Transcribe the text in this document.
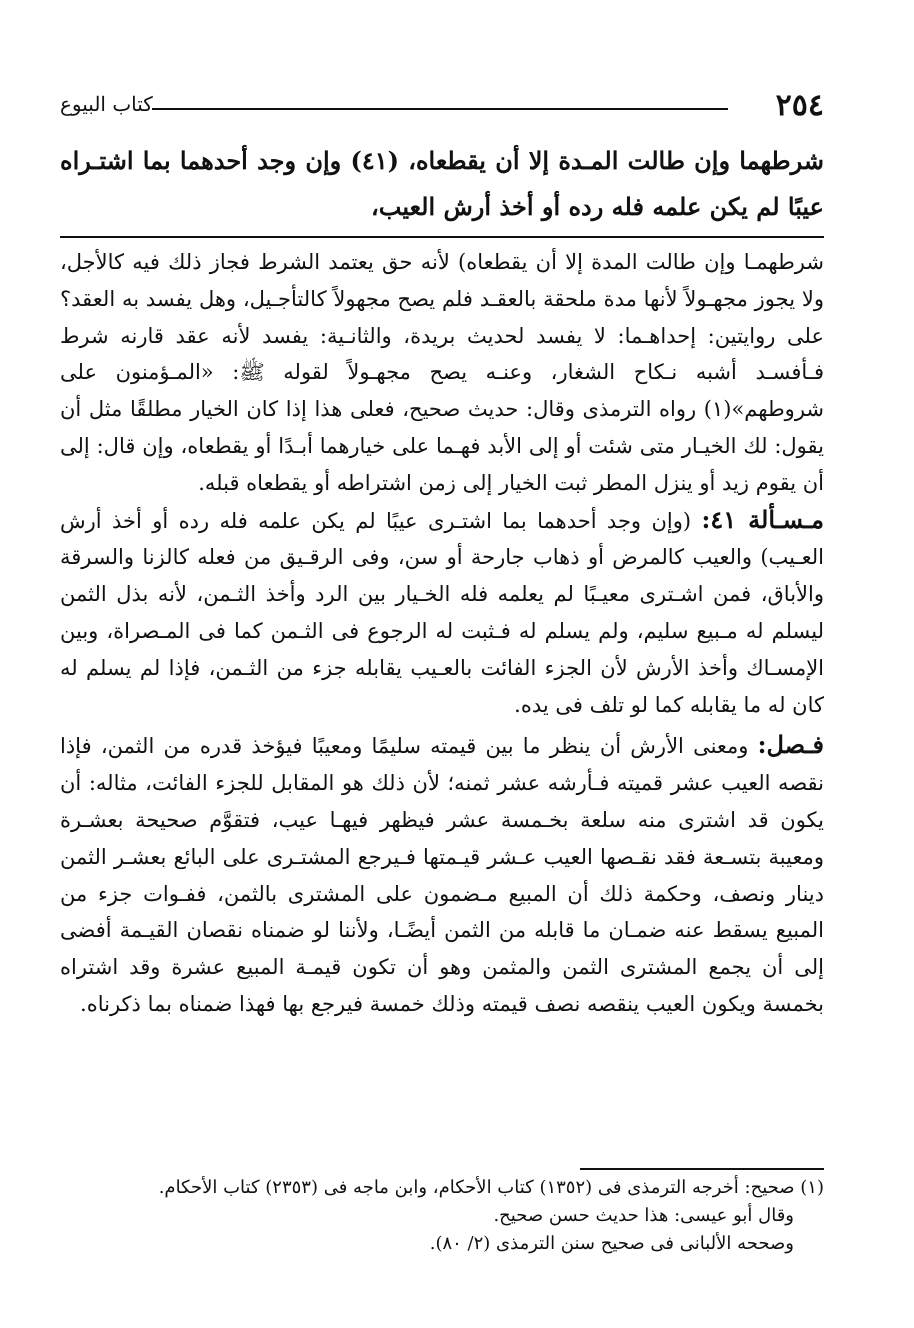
كتاب البيوع	٢٥٤
شرطهما وإن طالت المـدة إلا أن يقطعاه، (٤١) وإن وجد أحدهما بما اشتـراه عيبًا لم يكن علمه فله رده أو أخذ أرش العيب،

شرطهمـا وإن طالت المدة إلا أن يقطعاه) لأنه حق يعتمد الشرط فجاز ذلك فيه كالأجل، ولا يجوز مجهـولاً لأنها مدة ملحقة بالعقـد فلم يصح مجهولاً كالتأجـيل، وهل يفسد به العقد؟ على روايتين: إحداهـما: لا يفسد لحديث بريدة، والثانـية: يفسد لأنه عقد قارنه شرط فـأفسـد أشبه نـكاح الشغار، وعنـه يصح مجهـولاً لقوله ﷺ: «المـؤمنون على شروطهم»(١) رواه الترمذى وقال: حديث صحيح، فعلى هذا إذا كان الخيار مطلقًا مثل أن يقول: لك الخيـار متى شئت أو إلى الأبد فهـما على خيارهما أبـدًا أو يقطعاه، وإن قال: إلى أن يقوم زيد أو ينزل المطر ثبت الخيار إلى زمن اشتراطه أو يقطعاه قبله.

مـسـألة ٤١: (وإن وجد أحدهما بما اشتـرى عيبًا لم يكن علمه فله رده أو أخذ أرش العـيب) والعيب كالمرض أو ذهاب جارحة أو سن، وفى الرقـيق من فعله كالزنا والسرقة والأباق، فمن اشـترى معيـبًا لم يعلمه فله الخـيار بين الرد وأخذ الثـمن، لأنه بذل الثمن ليسلم له مـبيع سليم، ولم يسلم له فـثبت له الرجوع فى الثـمن كما فى المـصراة، وبين الإمسـاك وأخذ الأرش لأن الجزء الفائت بالعـيب يقابله جزء من الثـمن، فإذا لم يسلم له كان له ما يقابله كما لو تلف فى يده.

فـصل: ومعنى الأرش أن ينظر ما بين قيمته سليمًا ومعيبًا فيؤخذ قدره من الثمن، فإذا نقصه العيب عشر قميته فـأرشه عشر ثمنه؛ لأن ذلك هو المقابل للجزء الفائت، مثاله: أن يكون قد اشترى منه سلعة بخـمسة عشر فيظهر فيهـا عيب، فتقوَّم صحيحة بعشـرة ومعيبة بتسـعة فقد نقـصها العيب عـشر قيـمتها فـيرجع المشتـرى على البائع بعشـر الثمن دينار ونصف، وحكمة ذلك أن المبيع مـضمون على المشترى بالثمن، ففـوات جزء من المبيع يسقط عنه ضمـان ما قابله من الثمن أيضًـا، ولأننا لو ضمناه نقصان القيـمة أفضى إلى أن يجمع المشترى الثمن والمثمن وهو أن تكون قيمـة المبيع عشرة وقد اشتراه بخمسة ويكون العيب ينقصه نصف قيمته وذلك خمسة فيرجع بها فهذا ضمناه بما ذكرناه.

(١) صحيح: أخرجه الترمذى فى (١٣٥٢) كتاب الأحكام، وابن ماجه فى (٢٣٥٣) كتاب الأحكام.
وقال أبو عيسى: هذا حديث حسن صحيح.
وصححه الألبانى فى صحيح سنن الترمذى (٢/ ٨٠).
